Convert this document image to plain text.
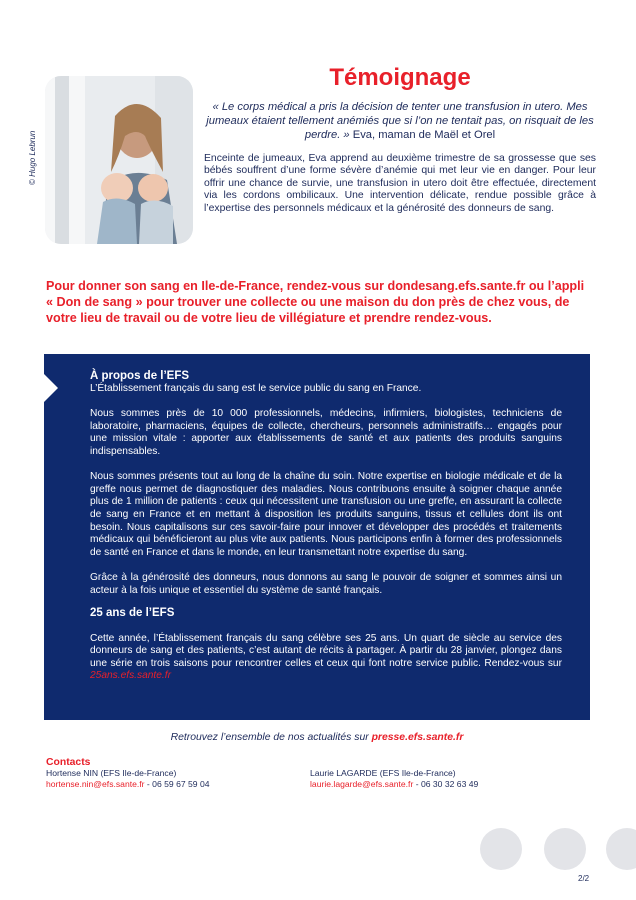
© Hugo Lebrun
Témoignage

« Le corps médical a pris la décision de tenter une transfusion in utero. Mes jumeaux étaient tellement anémiés que si l’on ne tentait pas, on risquait de les perdre. » Eva, maman de Maël et Orel

Enceinte de jumeaux, Eva apprend au deuxième trimestre de sa grossesse que ses bébés souffrent d’une forme sévère d’anémie qui met leur vie en danger. Pour leur offrir une chance de survie, une transfusion in utero doit être effectuée, directement via les cordons ombilicaux. Une intervention délicate, rendue possible grâce à l’expertise des personnels médicaux et la générosité des donneurs de sang.

Pour donner son sang en Ile-de-France, rendez-vous sur dondesang.efs.sante.fr ou l’appli « Don de sang » pour trouver une collecte ou une maison du don près de chez vous, de votre lieu de travail ou de votre lieu de villégiature et prendre rendez-vous.

À propos de l’EFS

L’Établissement français du sang est le service public du sang en France.

Nous sommes près de 10 000 professionnels, médecins, infirmiers, biologistes, techniciens de laboratoire, pharmaciens, équipes de collecte, chercheurs, personnels administratifs… engagés pour une mission vitale : apporter aux établissements de santé et aux patients des produits sanguins indispensables.

Nous sommes présents tout au long de la chaîne du soin. Notre expertise en biologie médicale et de la greffe nous permet de diagnostiquer des maladies. Nous contribuons ensuite à soigner chaque année plus de 1 million de patients : ceux qui nécessitent une transfusion ou une greffe, en assurant la collecte de sang en France et en mettant à disposition les produits sanguins, tissus et cellules dont ils ont besoin. Nous capitalisons sur ces savoir-faire pour innover et développer des procédés et traitements médicaux qui bénéficieront au plus vite aux patients. Nous participons enfin à former des professionnels de santé en France et dans le monde, en leur transmettant notre expertise du sang.

Grâce à la générosité des donneurs, nous donnons au sang le pouvoir de soigner et sommes ainsi un acteur à la fois unique et essentiel du système de santé français.

25 ans de l’EFS

Cette année, l’Établissement français du sang célèbre ses 25 ans. Un quart de siècle au service des donneurs de sang et des patients, c’est autant de récits à partager. À partir du 28 janvier, plongez dans une série en trois saisons pour rencontrer celles et ceux qui font notre service public. Rendez-vous sur 25ans.efs.sante.fr

Retrouvez l’ensemble de nos actualités sur presse.efs.sante.fr

Contacts

Hortense NIN (EFS Ile-de-France)
hortense.nin@efs.sante.fr - 06 59 67 59 04
Laurie LAGARDE (EFS Ile-de-France)
laurie.lagarde@efs.sante.fr - 06 30 32 63 49
2/2
